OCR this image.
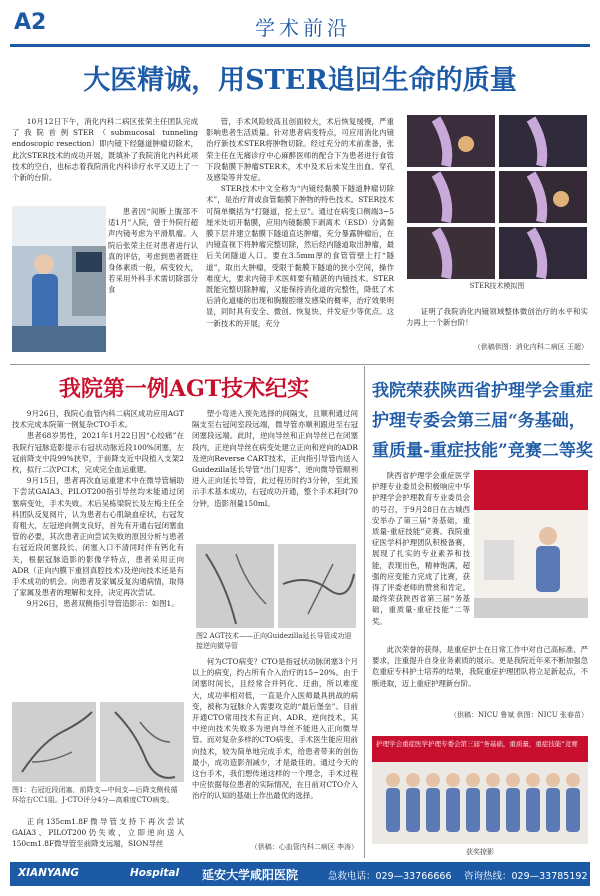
A2	学术前沿
大医精诚，用STER追回生命的质量

10月12日下午，消化内科二病区张荣主任团队完成了我院首例STER（submucosal tunneling endoscopic resection）即内镜下经隧道肿瘤切除术，此次STER技术的成功开展，既填补了我院消化内科此项技术的空白，也标志着我院消化内科诊疗水平又迈上了一个新的台阶。

患者因“间断上腹部不适1月”入院，曾于外院行超声内镜考虑为平滑肌瘤。入院后张荣主任对患者进行认真的评估，考虑到患者既往身体素质一般，病变较大，若采用外科手术需切除部分食

管，手术风险较高且创面较大，术后恢复缓慢，严重影响患者生活质量。针对患者病变特点，可应用消化内镜治疗新技术STER将肿物切除。经过充分的术前准备，张荣主任在无痛诊疗中心麻醉医师的配合下为患者进行食管下段黏膜下肿瘤STER术，术中及术后未发生出血、穿孔及感染等并发症。

STER技术中文全称为“内镜经黏膜下隧道肿瘤切除术”，是治疗肾或食管黏膜下肿物的特色技术。STER技术可简单概括为“打隧道，挖土豆”。通过在病变口侧端3~5厘米处切开黏膜，应用内镜黏膜下剥离术（ESD）分离黏膜下层并建立黏膜下隧道直达肿瘤，充分暴露肿瘤后，在内镜直视下将肿瘤完整切除，然后经内隧道取出肿瘤，最后关闭隧道入口。要在3.5mm厚的食管管壁上打“隧道”，取出大肿瘤，受限于黏膜下隧道的狭小空间，操作难度大，要求内镜手术医师要有精湛的内镜技术。STER既能完整切除肿瘤，又能保持消化道的完整性，降低了术后消化道瘘的出现和胸腹腔继发感染的概率，治疗效果明显，同时具有安全、微创、恢复快、并发症少等优点。这一新技术的开展，充分

STER技术模拟图

证明了我院消化内镜领域整体微创治疗的水平和实力再上一个新台阶！

（供稿供图：消化内科二病区 王超）
我院第一例AGT技术纪实

9月26日，我院心血管内科二病区成功应用AGT技术完成本院第一例复杂CTO手术。

患者68岁男性，2021年1月22日因“心绞痛”在我院行冠脉造影提示右冠状动脉近段100%闭塞，左冠前降支中段99%狭窄，于前降支近中段植入支架2枚，拟行二次PCI术，完成完全血运重建。

9月15日，患者再次血运重建术中在微导管辅助下尝试GAIA3、PILOT200指引导丝均未能通过闭塞病变处，手术失败。术后吴栋梁院长及左梅主任全科团队反复阅片，认为患者右心肌缺血症状，右冠发育粗大，左冠逆向侧支良好，首先有开通右冠闭塞血管的必要，其次患者正向尝试失败的原因分析与患者右冠近段闭塞段长、闭塞入口不清同时伴有钙化有关，根据冠脉造影的影像学特点，患者采用正向ADR（正向内膜下重回真腔技术)及逆向技术还是有手术成功的机会。向患者及家属反复沟通病情，取得了家属及患者的理解和支持，决定再次尝试。

9月26日，患者双侧指引导管造影示：如图1。

图1：右冠近段闭塞，前降支—中间支—后降支侧枝循环给右CC1阻。J-CTO评分4分—高难度CTO病变。

正向135cm1.8F微导管支持下再次尝试GAIA3、PILOT200仍失败，立即逆向送入150cm1.8F微导管至前降支远端，SION导丝

塑小弯进入预先选择的间隔支，且顺利通过间隔支至右冠间室段远端，微导管亦顺利跟进至右冠闭塞段远端。此时，逆向导丝和正向导丝已在闭塞段内，正逆向导丝在病变处建立正向和逆向的ADR及逆向Reverse CART技术，正向指引导管内送入Guidezilla延长导管“出门迎客”，逆向微导管顺利进入正向延长导管，此过程历时约3分钟，至此预示手术基本成功，右冠成功开通，整个手术耗时70分钟，造影剂量150ml。

图2 AGT技术——正向Guidezilla延长导管成功迎接逆向微导管

何为CTO病变？CTO是指冠状动脉闭塞3个月以上的病变，约占所有介入治疗的15~20%。由于闭塞时间长，且经常合并钙化、迂曲，所以难度大，成功率相对低，一直是介入医师最具挑战的病变，被称为冠脉介入需要攻克的“最后堡垒”。目前开通CTO常用技术有正向、ADR、逆向技术，其中逆向技术失败多为逆向导丝不能进入正向微导管。而对复杂多样的CTO病变，手术医生能应用前向技术，较为简单地完成手术，给患者带来的创伤最小，成功造影剂减少，才是最佳的。通过今天的这台手术，我们想传递这样的一个理念，手术过程中应依据每位患者的实际情况，在日前对CTO介入治疗的认知的基础上作出最优的选择。

（供稿：心血管内科二病区 李涛）
我院荣获陕西省护理学会重症
护理专委会第三届“务基础，
重质量-重症技能”竞赛二等奖

陕西省护理学会重症医学护理专业委员会积极响应中华护理学会护理教育专业委员会的号召，于9月28日在古城西安举办了第三届“务基础，重质量-重症技能”竞赛。我院重症医学科护理团队积极备赛，展现了扎实的专业素养和技能，表现出色，精神饱满，超强的应变能力完成了比赛，获得了评委老师的赞赏和肯定。最终荣获陕西省第三届“务基础，重质量-重症技能”二等奖。

此次荣誉的获得，是重症护士在日常工作中对自己高标准、严要求，注重提升自身业务素质的展示。更是我院近年来不断加强急危重症专科护士培养的结果，我院重症护理团队将立足新起点，不断进取，迈上重症护理新台阶。

（供稿：NICU 鲁斌 供图：NICU 张春苗）
护理学会重症医学护理专委会第三届“务基础，重质量，重症技能”竞赛
获奖掠影
XIANYANG	Hospital 延安大学咸阳医院	急救电话：029—33766666 咨询热线：029—33785192
